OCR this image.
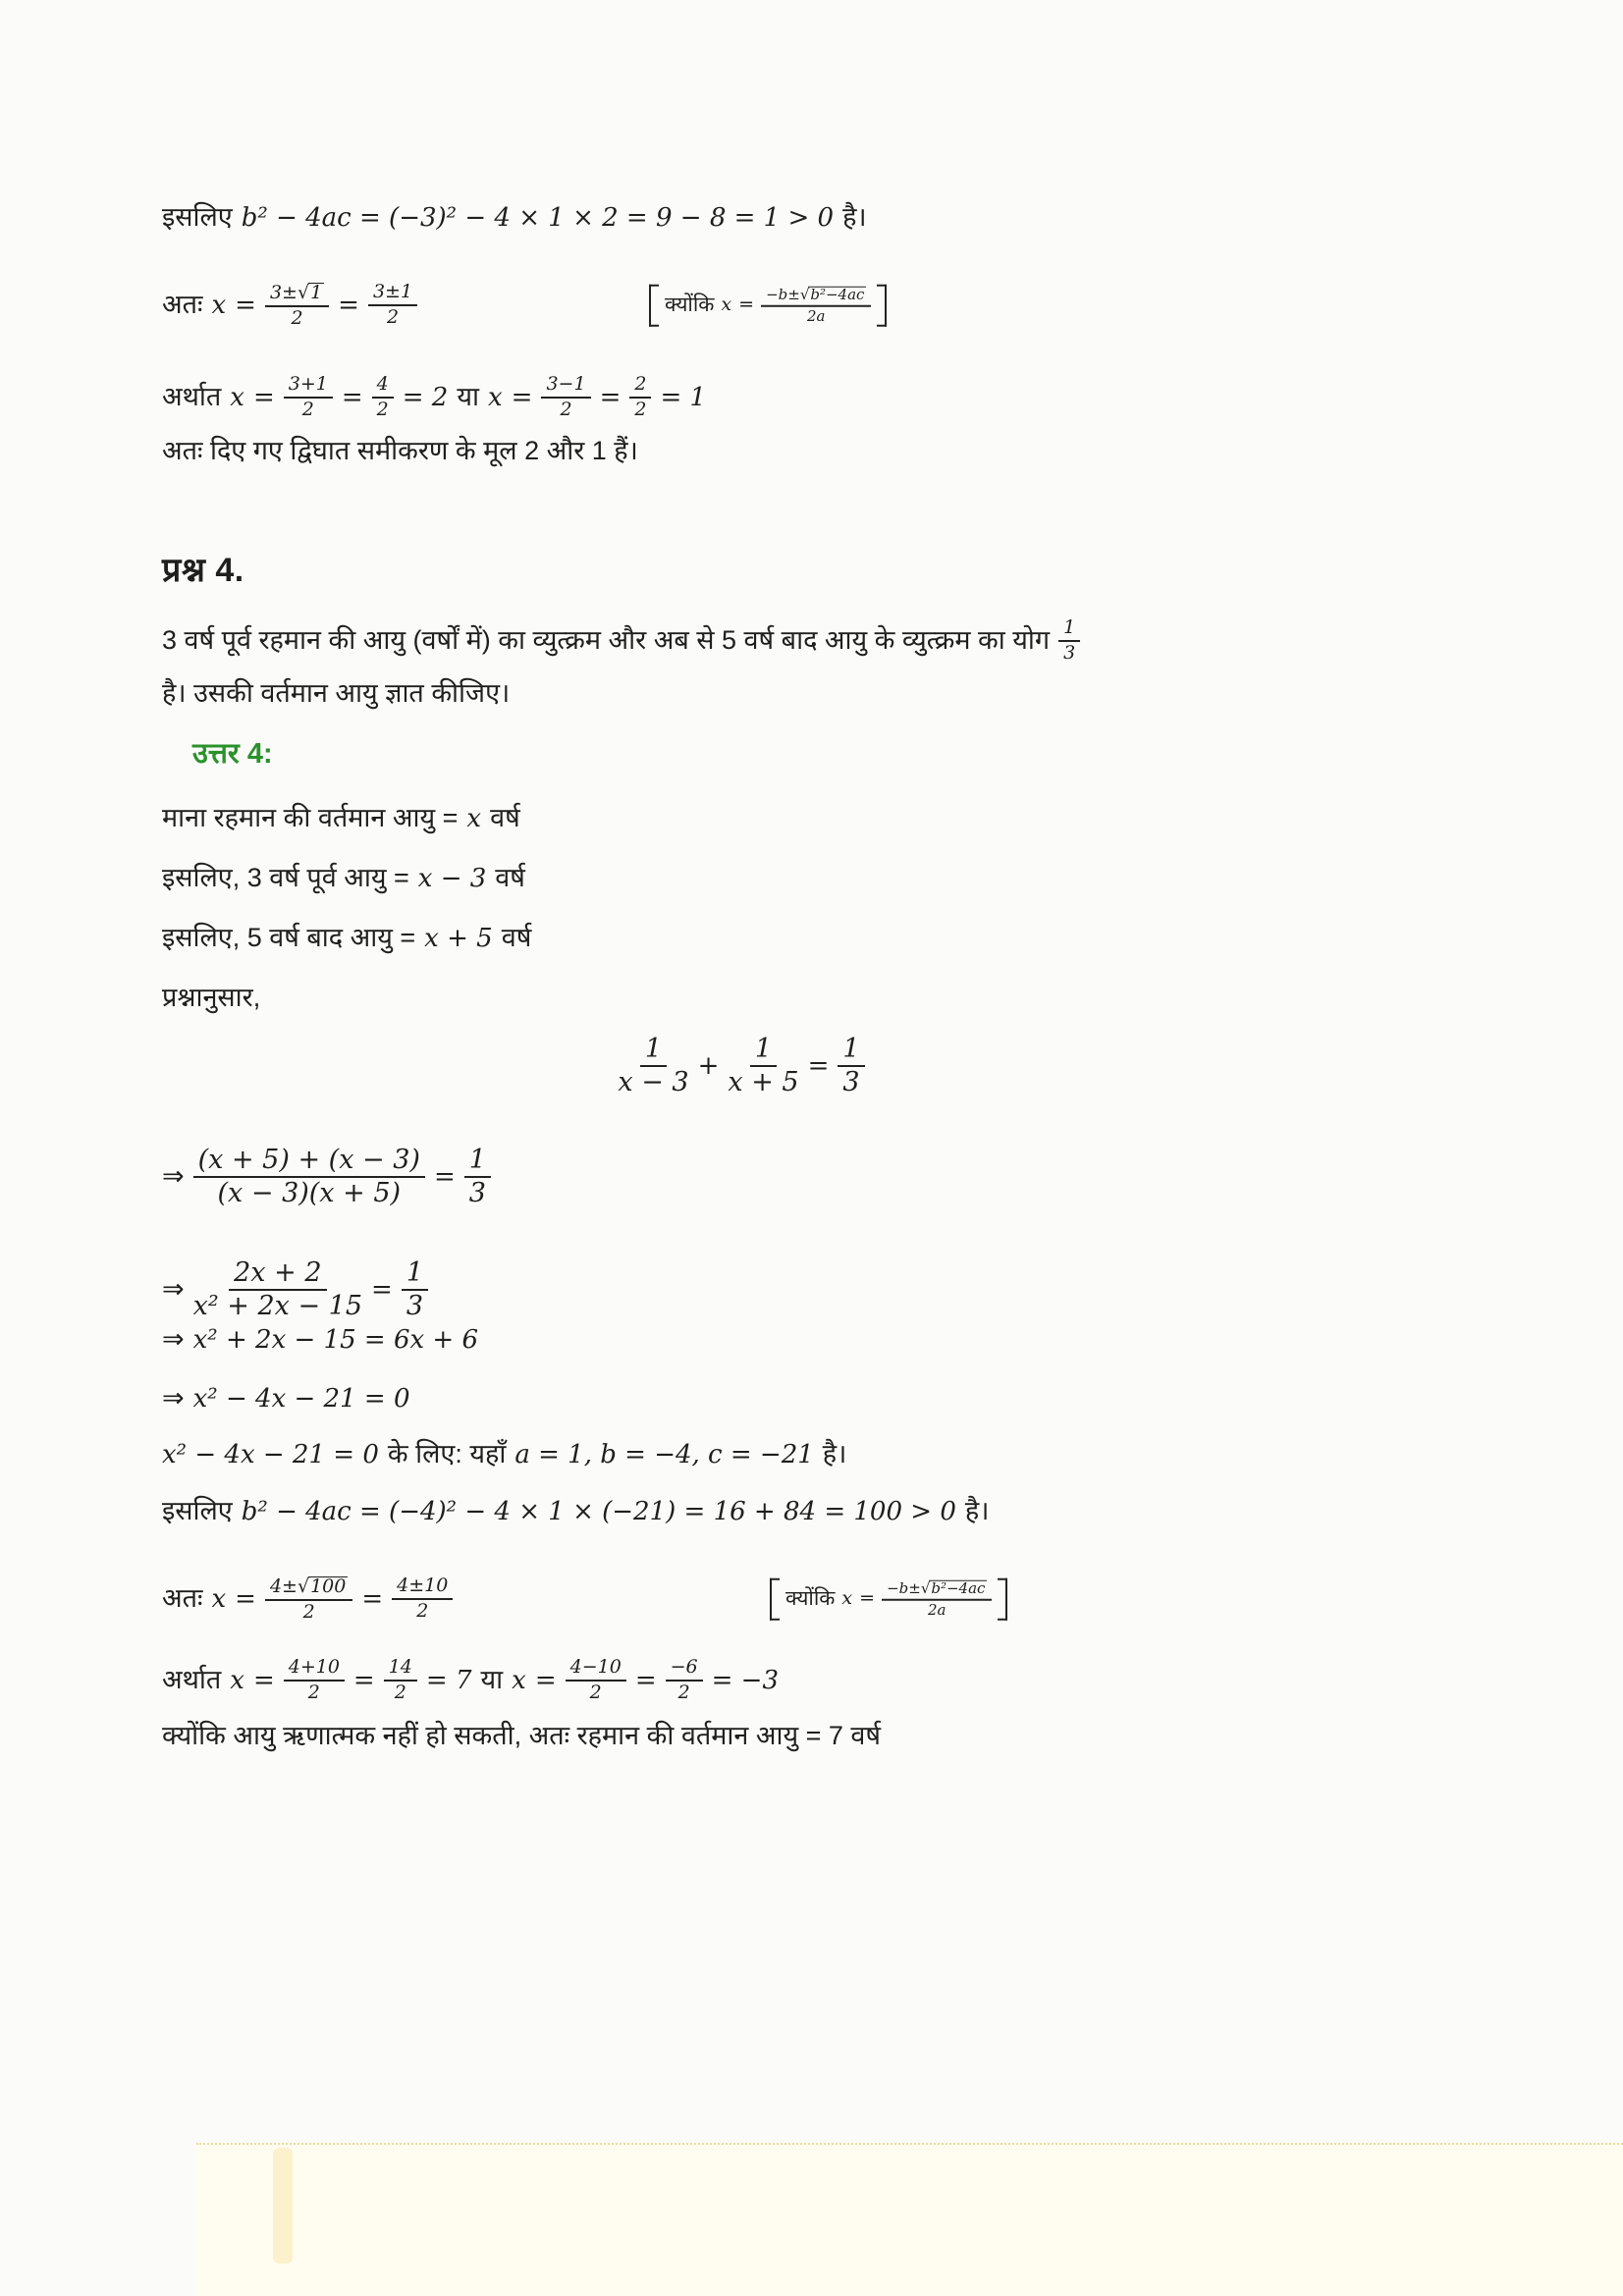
इसलिए b² − 4ac = (−3)² − 4 × 1 × 2 = 9 − 8 = 1 > 0 है।
अतः $x = \frac{3\pm √ 1}{2} = \frac{3\pm 1}{2}$	क्योंकि $x = \frac{\text{−b± √ b²−4ac}}{2a}$
अर्थात $x = \frac{3+1}{2} = \frac{4}{2} = 2$ या $x = \frac{3-1}{2} = \frac{2}{2} = 1$
अतः दिए गए द्विघात समीकरण के मूल 2 और 1 हैं।
प्रश्न 4.
3 वर्ष पूर्व रहमान की आयु (वर्षों में) का व्युत्क्रम और अब से 5 वर्ष बाद आयु के व्युत्क्रम का योग 1
3
है। उसकी वर्तमान आयु ज्ञात कीजिए।
उत्तर 4:
माना रहमान की वर्तमान आयु = x वर्ष
इसलिए, 3 वर्ष पूर्व आयु = x − 3 वर्ष
इसलिए, 5 वर्ष बाद आयु = x + 5 वर्ष
प्रश्नानुसार,
1
x − 3
+ $\frac{1}{x + 5} = \frac{1}{3}$
⇒ $\frac{(x + 5) + (x - 3)}{(x - 3)(x + 5)} = \frac{1}{3}$
⇒ $\frac{2x + 2}{\text{x² + 2x − 15}} = \frac{1}{3}$
⇒ x² + 2x − 15 = 6x + 6
⇒ x² − 4x − 21 = 0
x² − 4x − 21 = 0 के लिए: यहाँ a = 1, b = −4, c = −21 है।
इसलिए b² − 4ac = (−4)² − 4 × 1 × (−21) = 16 + 84 = 100 > 0 है।
अतः $x = \frac{4\pm √ 100}{2} = \frac{4\pm 10}{2}$	क्योंकि $x = \frac{\text{−b± √ b²−4ac}}{2a}$
अर्थात $x = \frac{4+10}{2} = \frac{14}{2} = 7$ या $x = \frac{4-10}{2} = \frac{-6}{2} = -3$
क्योंकि आयु ऋणात्मक नहीं हो सकती, अतः रहमान की वर्तमान आयु = 7 वर्ष
